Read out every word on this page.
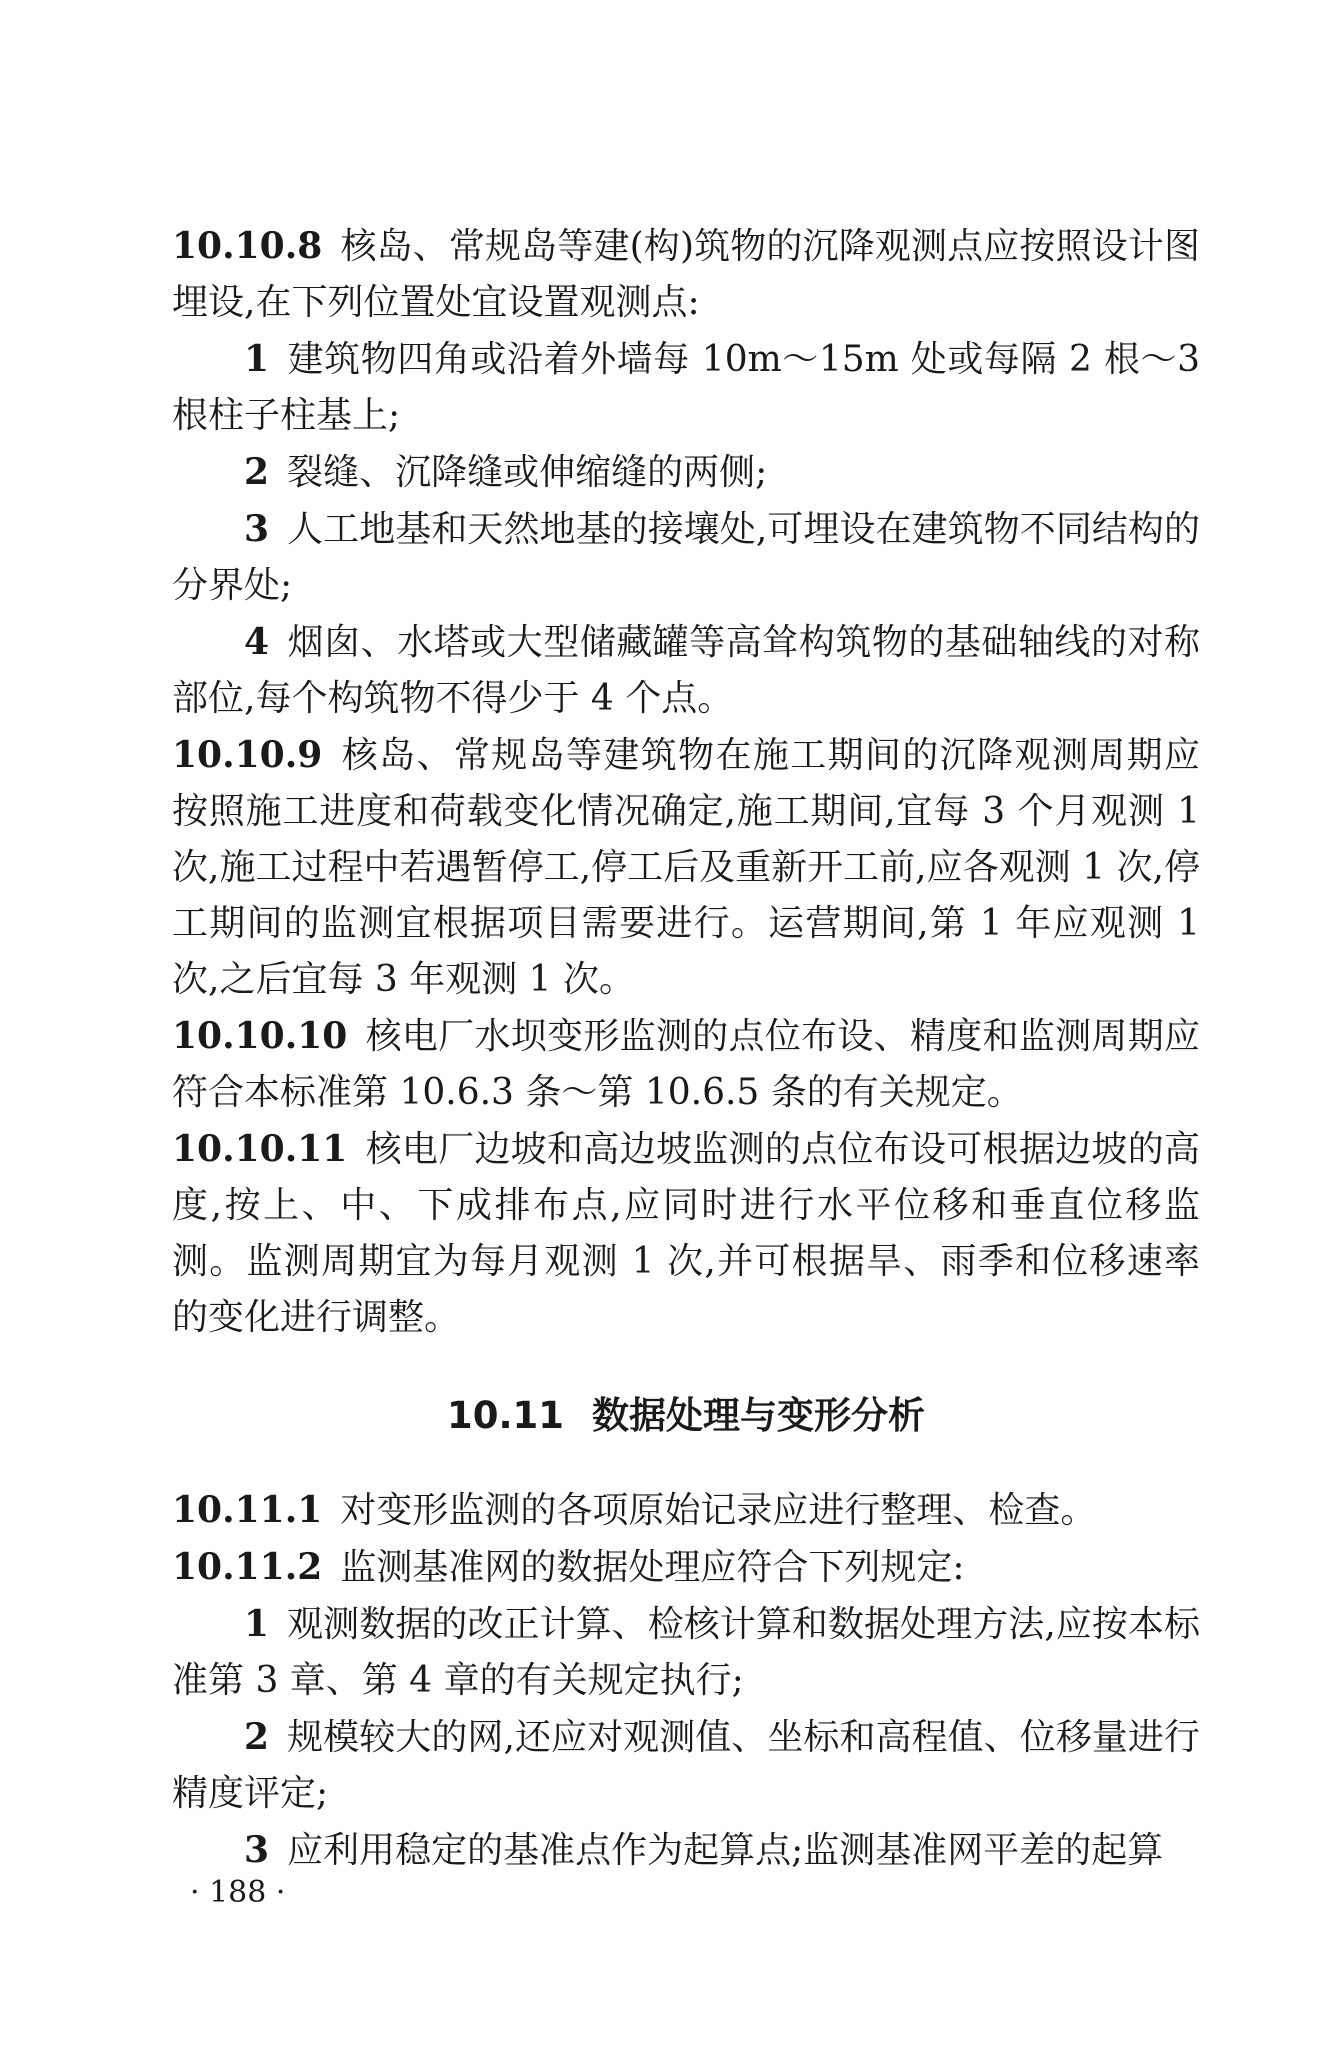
10.10.8 核岛、常规岛等建(构)筑物的沉降观测点应按照设计图埋设,在下列位置处宜设置观测点:

1 建筑物四角或沿着外墙每 10m～15m 处或每隔 2 根～3 根柱子柱基上;

2 裂缝、沉降缝或伸缩缝的两侧;

3 人工地基和天然地基的接壤处,可埋设在建筑物不同结构的分界处;

4 烟囱、水塔或大型储藏罐等高耸构筑物的基础轴线的对称部位,每个构筑物不得少于 4 个点。

10.10.9 核岛、常规岛等建筑物在施工期间的沉降观测周期应按照施工进度和荷载变化情况确定,施工期间,宜每 3 个月观测 1 次,施工过程中若遇暂停工,停工后及重新开工前,应各观测 1 次,停工期间的监测宜根据项目需要进行。运营期间,第 1 年应观测 1 次,之后宜每 3 年观测 1 次。

10.10.10 核电厂水坝变形监测的点位布设、精度和监测周期应符合本标准第 10.6.3 条～第 10.6.5 条的有关规定。

10.10.11 核电厂边坡和高边坡监测的点位布设可根据边坡的高度,按上、中、下成排布点,应同时进行水平位移和垂直位移监测。监测周期宜为每月观测 1 次,并可根据旱、雨季和位移速率的变化进行调整。

10.11 数据处理与变形分析

10.11.1 对变形监测的各项原始记录应进行整理、检查。

10.11.2 监测基准网的数据处理应符合下列规定:

1 观测数据的改正计算、检核计算和数据处理方法,应按本标准第 3 章、第 4 章的有关规定执行;

2 规模较大的网,还应对观测值、坐标和高程值、位移量进行精度评定;

3 应利用稳定的基准点作为起算点;监测基准网平差的起算

· 188 ·
